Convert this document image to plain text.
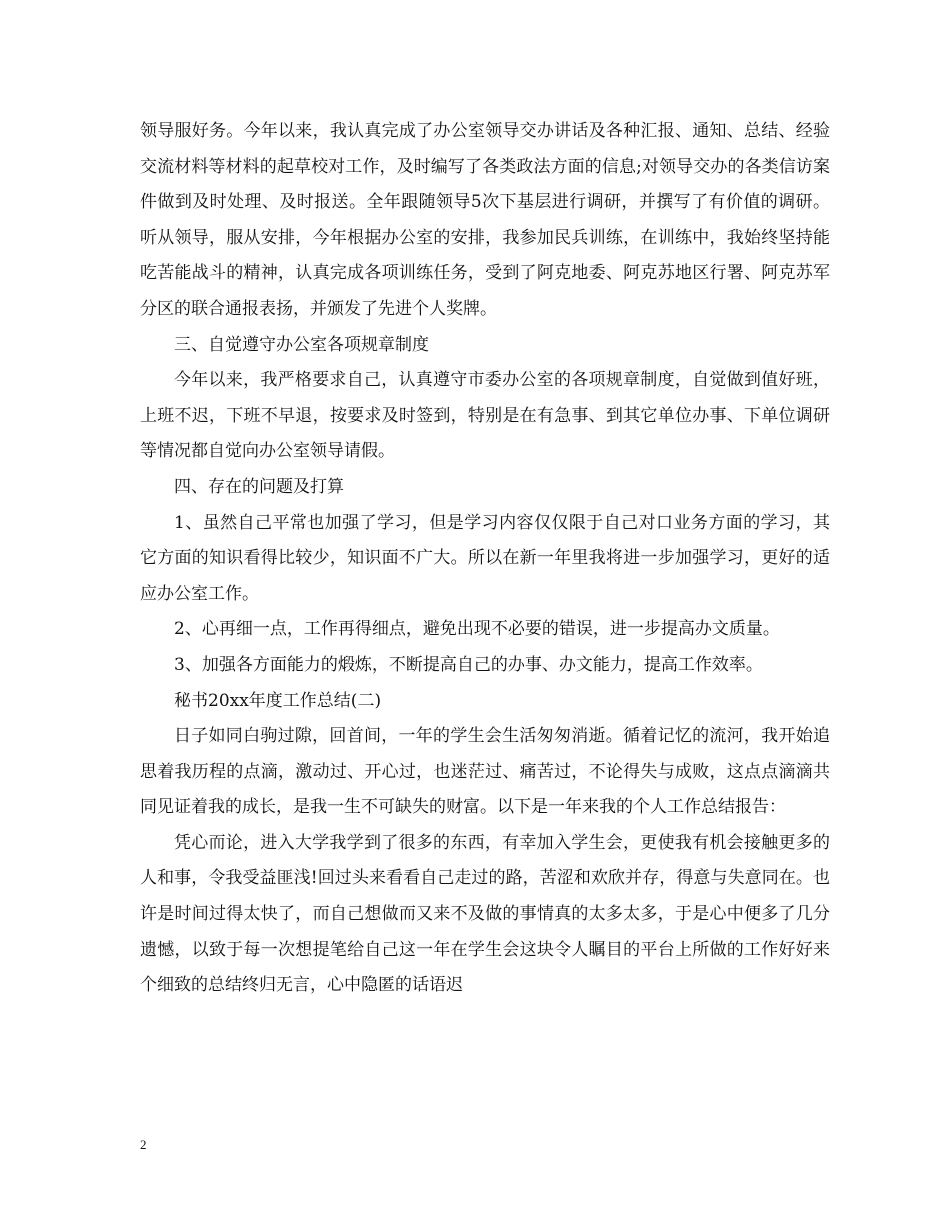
领导服好务。今年以来，我认真完成了办公室领导交办讲话及各种汇报、通知、总结、经验交流材料等材料的起草校对工作，及时编写了各类政法方面的信息;对领导交办的各类信访案件做到及时处理、及时报送。全年跟随领导5次下基层进行调研，并撰写了有价值的调研。听从领导，服从安排，今年根据办公室的安排，我参加民兵训练，在训练中，我始终坚持能吃苦能战斗的精神，认真完成各项训练任务，受到了阿克地委、阿克苏地区行署、阿克苏军分区的联合通报表扬，并颁发了先进个人奖牌。

三、自觉遵守办公室各项规章制度

今年以来，我严格要求自己，认真遵守市委办公室的各项规章制度，自觉做到值好班，上班不迟，下班不早退，按要求及时签到，特别是在有急事、到其它单位办事、下单位调研等情况都自觉向办公室领导请假。

四、存在的问题及打算

1、虽然自己平常也加强了学习，但是学习内容仅仅限于自己对口业务方面的学习，其它方面的知识看得比较少，知识面不广大。所以在新一年里我将进一步加强学习，更好的适应办公室工作。

2、心再细一点，工作再得细点，避免出现不必要的错误，进一步提高办文质量。

3、加强各方面能力的煅炼，不断提高自己的办事、办文能力，提高工作效率。

秘书20xx年度工作总结(二)

日子如同白驹过隙，回首间，一年的学生会生活匆匆消逝。循着记忆的流河，我开始追思着我历程的点滴，激动过、开心过，也迷茫过、痛苦过，不论得失与成败，这点点滴滴共同见证着我的成长，是我一生不可缺失的财富。以下是一年来我的个人工作总结报告：

凭心而论，进入大学我学到了很多的东西，有幸加入学生会，更使我有机会接触更多的人和事，令我受益匪浅!回过头来看看自己走过的路，苦涩和欢欣并存，得意与失意同在。也许是时间过得太快了，而自己想做而又来不及做的事情真的太多太多，于是心中便多了几分遗憾，以致于每一次想提笔给自己这一年在学生会这块令人瞩目的平台上所做的工作好好来个细致的总结终归无言，心中隐匿的话语迟

2
